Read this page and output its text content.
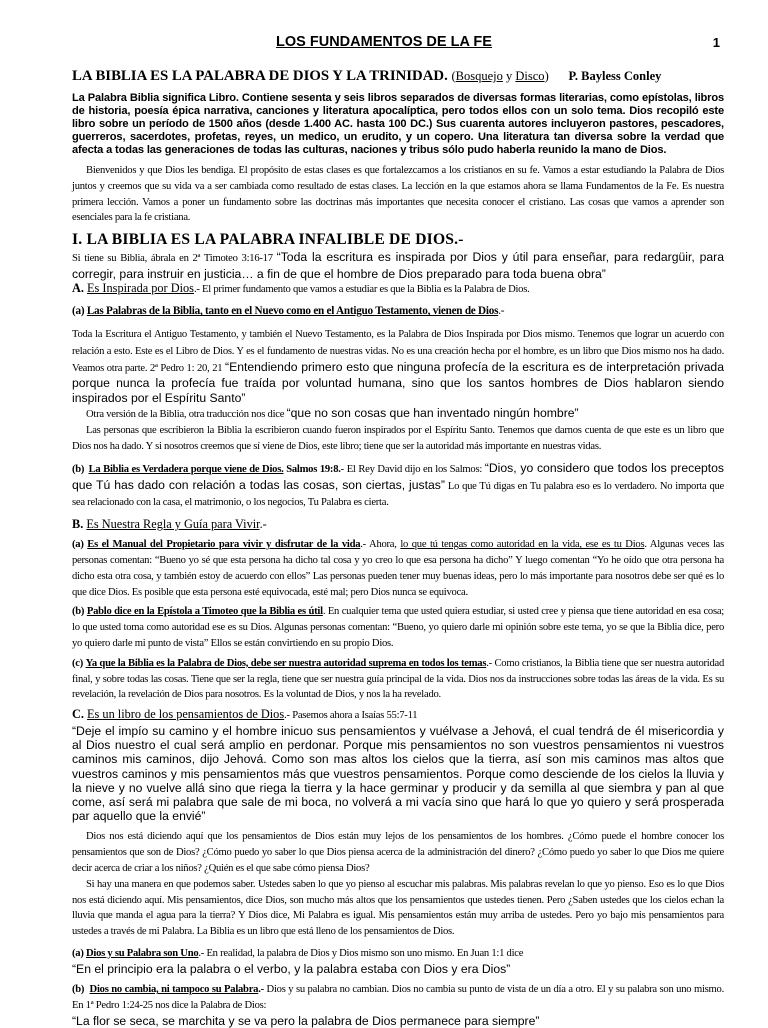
LOS FUNDAMENTOS DE LA FE	1
LA BIBLIA ES LA PALABRA DE DIOS Y LA TRINIDAD. (Bosquejo y Disco) P. Bayless Conley

La Palabra Biblia significa Libro. Contiene sesenta y seis libros separados de diversas formas literarias, como epístolas, libros de historia, poesía épica narrativa, canciones y literatura apocalíptica, pero todos ellos con un solo tema. Dios recopiló este libro sobre un período de 1500 años (desde 1.400 AC. hasta 100 DC.) Sus cuarenta autores incluyeron pastores, pescadores, guerreros, sacerdotes, profetas, reyes, un medico, un erudito, y un copero. Una literatura tan diversa sobre la verdad que afecta a todas las generaciones de todas las culturas, naciones y tribus sólo pudo haberla reunido la mano de Dios.

Bienvenidos y que Dios les bendiga. El propósito de estas clases es que fortalezcamos a los cristianos en su fe. Vamos a estar estudiando la Palabra de Dios juntos y creemos que su vida va a ser cambiada como resultado de estas clases. La lección en la que estamos ahora se llama Fundamentos de la Fe. Es nuestra primera lección. Vamos a poner un fundamento sobre las doctrinas más importantes que necesita conocer el cristiano. Las cosas que vamos a aprender son esenciales para la fe cristiana.

I. LA BIBLIA ES LA PALABRA INFALIBLE DE DIOS.-

Si tiene su Biblia, ábrala en 2ª Timoteo 3:16-17 “Toda la escritura es inspirada por Dios y útil para enseñar, para redargüir, para corregir, para instruir en justicia… a fin de que el hombre de Dios preparado para toda buena obra”

A. Es Inspirada por Dios.- El primer fundamento que vamos a estudiar es que la Biblia es la Palabra de Dios.

(a) Las Palabras de la Biblia, tanto en el Nuevo como en el Antiguo Testamento, vienen de Dios.-

Toda la Escritura el Antiguo Testamento, y también el Nuevo Testamento, es la Palabra de Dios Inspirada por Dios mismo. Tenemos que lograr un acuerdo con relación a esto. Este es el Libro de Dios. Y es el fundamento de nuestras vidas. No es una creación hecha por el hombre, es un libro que Dios mismo nos ha dado. Veamos otra parte. 2ª Pedro 1: 20, 21 “Entendiendo primero esto que ninguna profecía de la escritura es de interpretación privada porque nunca la profecía fue traída por voluntad humana, sino que los santos hombres de Dios hablaron siendo inspirados por el Espíritu Santo”

Otra versión de la Biblia, otra traducción nos dice “que no son cosas que han inventado ningún hombre”

Las personas que escribieron la Biblia la escribieron cuando fueron inspirados por el Espíritu Santo. Tenemos que darnos cuenta de que este es un libro que Dios nos ha dado. Y si nosotros creemos que sí viene de Dios, este libro; tiene que ser la autoridad más importante en nuestras vidas.

(b) La Biblia es Verdadera porque viene de Dios. Salmos 19:8.- El Rey David dijo en los Salmos: “Dios, yo considero que todos los preceptos que Tú has dado con relación a todas las cosas, son ciertas, justas” Lo que Tú digas en Tu palabra eso es lo verdadero. No importa que sea relacionado con la casa, el matrimonio, o los negocios, Tu Palabra es cierta.

B. Es Nuestra Regla y Guía para Vivir.-

(a) Es el Manual del Propietario para vivir y disfrutar de la vida.- Ahora, lo que tú tengas como autoridad en la vida, ese es tu Dios. Algunas veces las personas comentan: “Bueno yo sé que esta persona ha dicho tal cosa y yo creo lo que esa persona ha dicho” Y luego comentan “Yo he oído que otra persona ha dicho esta otra cosa, y también estoy de acuerdo con ellos” Las personas pueden tener muy buenas ideas, pero lo más importante para nosotros debe ser qué es lo que dice Dios. Es posible que esta persona esté equivocada, esté mal; pero Dios nunca se equivoca.

(b) Pablo dice en la Epístola a Timoteo que la Biblia es útil. En cualquier tema que usted quiera estudiar, si usted cree y piensa que tiene autoridad en esa cosa; lo que usted toma como autoridad ese es su Dios. Algunas personas comentan: “Bueno, yo quiero darle mi opinión sobre este tema, yo se que la Biblia dice, pero yo quiero darle mi punto de vista” Ellos se están convirtiendo en su propio Dios.

(c) Ya que la Biblia es la Palabra de Dios, debe ser nuestra autoridad suprema en todos los temas.- Como cristianos, la Biblia tiene que ser nuestra autoridad final, y sobre todas las cosas. Tiene que ser la regla, tiene que ser nuestra guía principal de la vida. Dios nos da instrucciones sobre todas las áreas de la vida. Es su revelación, la revelación de Dios para nosotros. Es la voluntad de Dios, y nos la ha revelado.

C. Es un libro de los pensamientos de Dios.- Pasemos ahora a Isaías 55:7-11

“Deje el impío su camino y el hombre inicuo sus pensamientos y vuélvase a Jehová, el cual tendrá de él misericordia y al Dios nuestro el cual será amplio en perdonar. Porque mis pensamientos no son vuestros pensamientos ni vuestros caminos mis caminos, dijo Jehová. Como son mas altos los cielos que la tierra, así son mis caminos mas altos que vuestros caminos y mis pensamientos más que vuestros pensamientos. Porque como desciende de los cielos la lluvia y la nieve y no vuelve allá sino que riega la tierra y la hace germinar y producir y da semilla al que siembra y pan al que come, así será mi palabra que sale de mi boca, no volverá a mi vacía sino que hará lo que yo quiero y será prosperada par aquello que la envié”

Dios nos está diciendo aquí que los pensamientos de Dios están muy lejos de los pensamientos de los hombres. ¿Cómo puede el hombre conocer los pensamientos que son de Dios? ¿Cómo puedo yo saber lo que Dios piensa acerca de la administración del dinero? ¿Cómo puedo yo saber lo que Dios me quiere decir acerca de criar a los niños? ¿Quién es el que sabe cómo piensa Dios?

Si hay una manera en que podemos saber. Ustedes saben lo que yo pienso al escuchar mis palabras. Mis palabras revelan lo que yo pienso. Eso es lo que Dios nos está diciendo aquí. Mis pensamientos, dice Dios, son mucho más altos que los pensamientos que ustedes tienen. Pero ¿Saben ustedes que los cielos echan la lluvia que manda el agua para la tierra? Y Dios dice, Mi Palabra es igual. Mis pensamientos están muy arriba de ustedes. Pero yo bajo mis pensamientos para ustedes a través de mi Palabra. La Biblia es un libro que está lleno de los pensamientos de Dios.

(a) Dios y su Palabra son Uno.- En realidad, la palabra de Dios y Dios mismo son uno mismo. En Juan 1:1 dice

“En el principio era la palabra o el verbo, y la palabra estaba con Dios y era Dios”

(b) Dios no cambia, ni tampoco su Palabra.- Dios y su palabra no cambian. Dios no cambia su punto de vista de un día a otro. El y su palabra son uno mismo. En 1ª Pedro 1:24-25 nos dice la Palabra de Dios:

“La flor se seca, se marchita y se va pero la palabra de Dios permanece para siempre”
